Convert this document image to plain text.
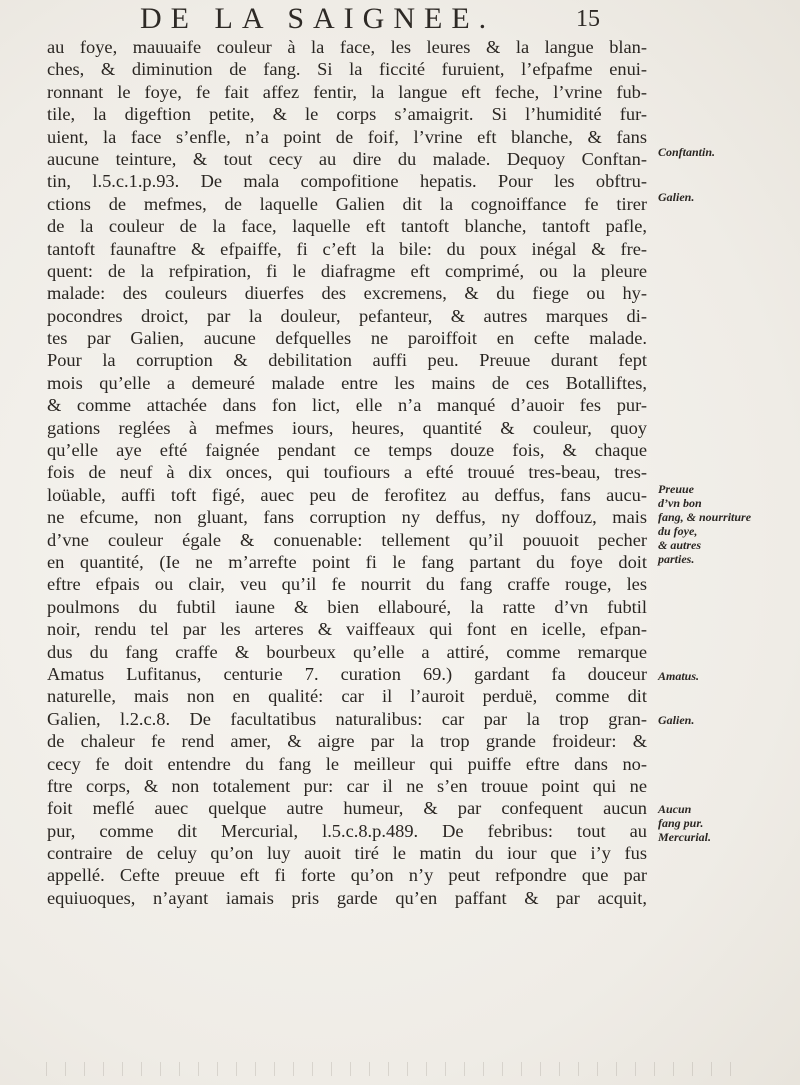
DE LA SAIGNEE.	15
au foye, mauuaife couleur à la face, les leures & la langue blan-
ches, & diminution de fang. Si la ficcité furuient, l’efpafme enui-
ronnant le foye, fe fait affez fentir, la langue eft feche, l’vrine fub-
tile, la digeftion petite, & le corps s’amaigrit. Si l’humidité fur-
uient, la face s’enfle, n’a point de foif, l’vrine eft blanche, & fans
aucune teinture, & tout cecy au dire du malade. Dequoy Conftan-
tin, l.5.c.1.p.93. De mala compofitione hepatis. Pour les obftru-
ctions de mefmes, de laquelle Galien dit la cognoiffance fe tirer
de la couleur de la face, laquelle eft tantoft blanche, tantoft pafle,
tantoft faunaftre & efpaiffe, fi c’eft la bile: du poux inégal & fre-
quent: de la refpiration, fi le diafragme eft comprimé, ou la pleure
malade: des couleurs diuerfes des excremens, & du fiege ou hy-
pocondres droict, par la douleur, pefanteur, & autres marques di-
tes par Galien, aucune defquelles ne paroiffoit en cefte malade.
Pour la corruption & debilitation auffi peu. Preuue durant fept
mois qu’elle a demeuré malade entre les mains de ces Botalliftes,
& comme attachée dans fon lict, elle n’a manqué d’auoir fes pur-
gations reglées à mefmes iours, heures, quantité & couleur, quoy
qu’elle aye efté faignée pendant ce temps douze fois, & chaque
fois de neuf à dix onces, qui toufiours a efté trouué tres-beau, tres-
loüable, auffi toft figé, auec peu de ferofitez au deffus, fans aucu-
ne efcume, non gluant, fans corruption ny deffus, ny doffouz, mais
d’vne couleur égale & conuenable: tellement qu’il pouuoit pecher
en quantité, (Ie ne m’arrefte point fi le fang partant du foye doit
eftre efpais ou clair, veu qu’il fe nourrit du fang craffe rouge, les
poulmons du fubtil iaune & bien ellabouré, la ratte d’vn fubtil
noir, rendu tel par les arteres & vaiffeaux qui font en icelle, efpan-
dus du fang craffe & bourbeux qu’elle a attiré, comme remarque
Amatus Lufitanus, centurie 7. curation 69.) gardant fa douceur
naturelle, mais non en qualité: car il l’auroit perduë, comme dit
Galien, l.2.c.8. De facultatibus naturalibus: car par la trop gran-
de chaleur fe rend amer, & aigre par la trop grande froideur: &
cecy fe doit entendre du fang le meilleur qui puiffe eftre dans no-
ftre corps, & non totalement pur: car il ne s’en trouue point qui ne
foit meflé auec quelque autre humeur, & par confequent aucun
pur, comme dit Mercurial, l.5.c.8.p.489. De febribus: tout au
contraire de celuy qu’on luy auoit tiré le matin du iour que i’y fus
appellé. Cefte preuue eft fi forte qu’on n’y peut refpondre que par
equiuoques, n’ayant iamais pris garde qu’en paffant & par acquit,
Conftantin.
Galien.
Preuue
d’vn bon
fang, & nourriture
du foye,
& autres
parties.
Amatus.
Galien.
Aucun
fang pur.
Mercurial.
